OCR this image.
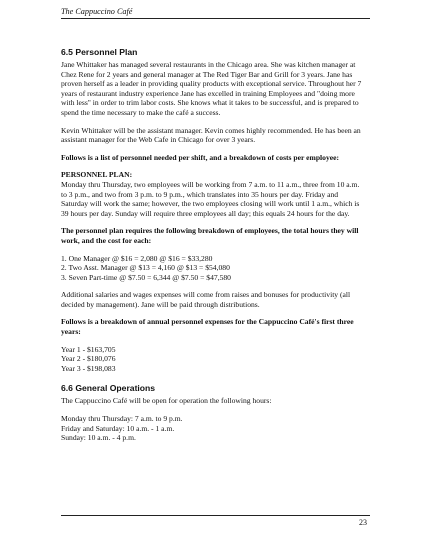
The Cappuccino Café
6.5 Personnel Plan

Jane Whittaker has managed several restaurants in the Chicago area. She was kitchen manager at Chez Rene for 2 years and general manager at The Red Tiger Bar and Grill for 3 years. Jane has proven herself as a leader in providing quality products with exceptional service. Throughout her 7 years of restaurant industry experience Jane has excelled in training Employees and "doing more with less" in order to trim labor costs. She knows what it takes to be successful, and is prepared to spend the time necessary to make the café a success.

Kevin Whittaker will be the assistant manager. Kevin comes highly recommended. He has been an assistant manager for the Web Cafe in Chicago for over 3 years.

Follows is a list of personnel needed per shift, and a breakdown of costs per employee:

PERSONNEL PLAN:

Monday thru Thursday, two employees will be working from 7 a.m. to 11 a.m., three from 10 a.m. to 3 p.m., and two from 3 p.m. to 9 p.m., which translates into 35 hours per day. Friday and Saturday will work the same; however, the two employees closing will work until 1 a.m., which is 39 hours per day. Sunday will require three employees all day; this equals 24 hours for the day.

The personnel plan requires the following breakdown of employees, the total hours they will work, and the cost for each:

1. One Manager @ $16 = 2,080 @ $16 = $33,280

2. Two Asst. Manager @ $13 = 4,160 @ $13 = $54,080

3. Seven Part-time @ $7.50 = 6,344 @ $7.50 = $47,580

Additional salaries and wages expenses will come from raises and bonuses for productivity (all decided by management). Jane will be paid through distributions.

Follows is a breakdown of annual personnel expenses for the Cappuccino Café's first three years:

Year 1 - $163,705

Year 2 - $180,076

Year 3 - $198,083

6.6 General Operations

The Cappuccino Café will be open for operation the following hours:

Monday thru Thursday: 7 a.m. to 9 p.m.

Friday and Saturday: 10 a.m. - 1 a.m.

Sunday: 10 a.m. - 4 p.m.

23
